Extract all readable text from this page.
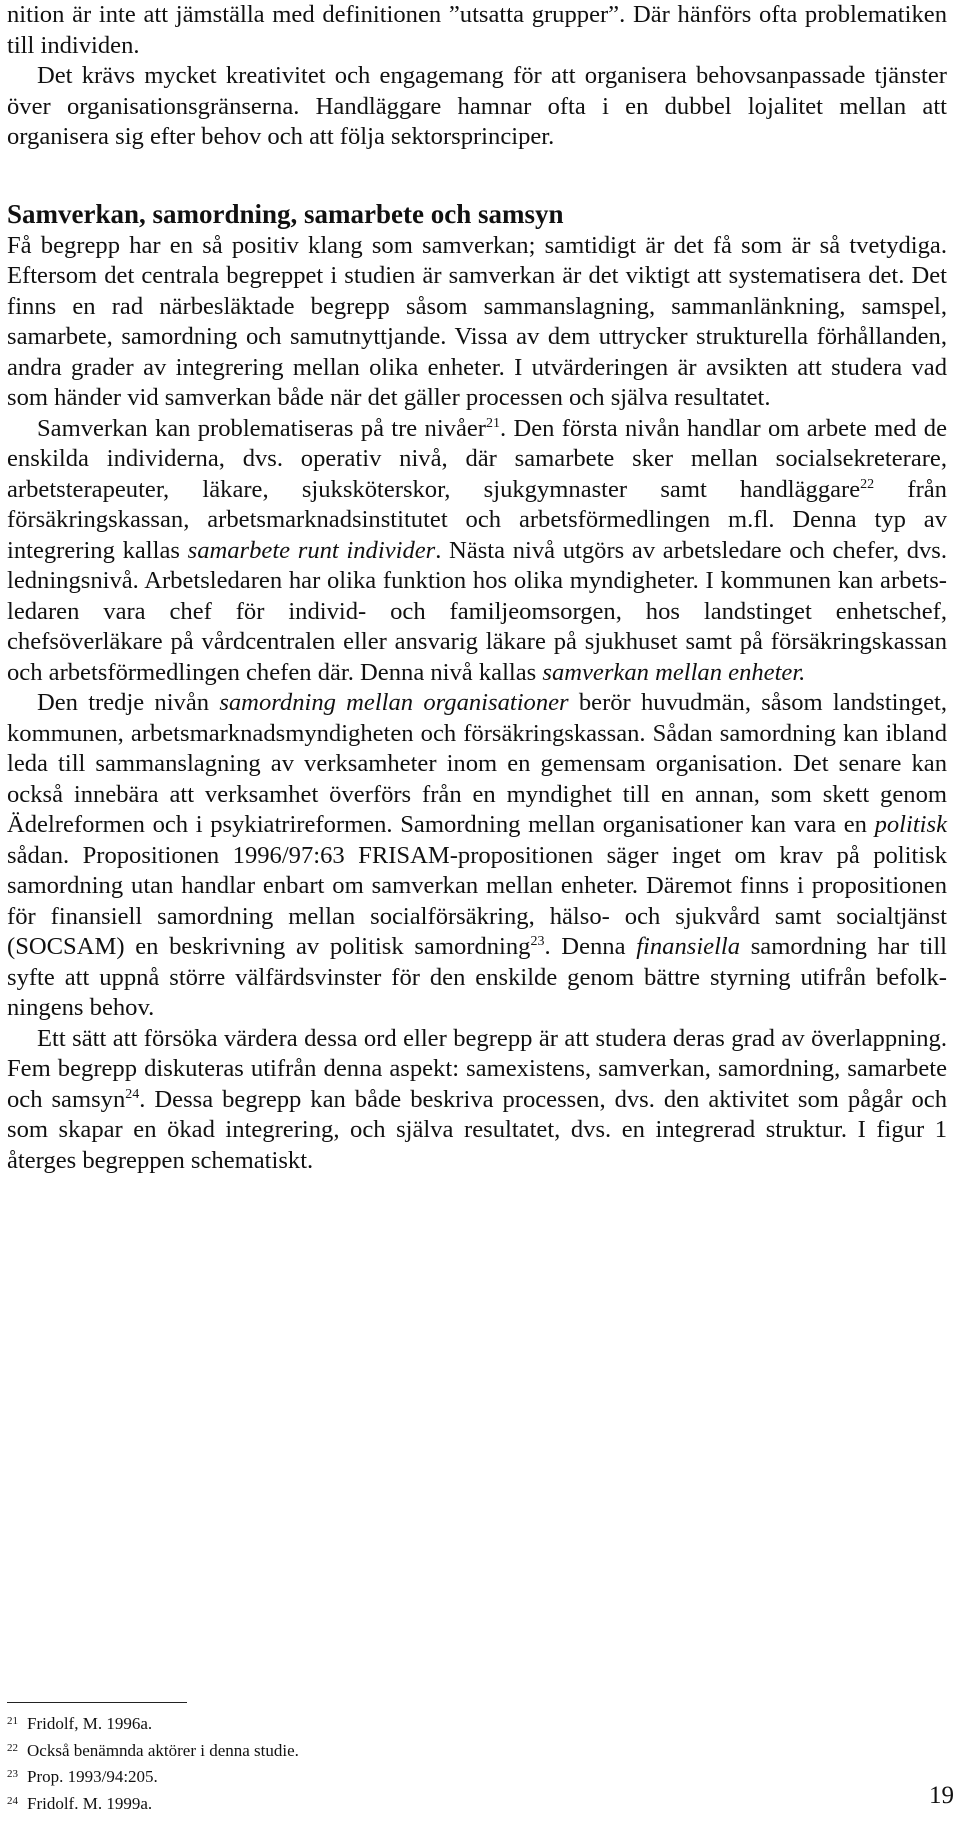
nition är inte att jämställa med definitionen ”utsatta grupper”. Där hänförs ofta problematiken till individen.

Det krävs mycket kreativitet och engagemang för att organisera behovsanpassade tjänster över organisationsgränserna. Handläggare hamnar ofta i en dubbel lojalitet mellan att organisera sig efter behov och att följa sektorsprinciper.

Samverkan, samordning, samarbete och samsyn

Få begrepp har en så positiv klang som samverkan; samtidigt är det få som är så tvetydiga. Eftersom det centrala begreppet i studien är samverkan är det viktigt att systematisera det. Det finns en rad närbesläktade begrepp såsom sammanslagning, sammanlänkning, samspel, samarbete, samordning och samutnyttjande. Vissa av dem uttrycker strukturella förhållanden, andra grader av integrering mellan olika enheter. I utvärderingen är avsikten att studera vad som händer vid samverkan både när det gäller processen och själva resultatet.

Samverkan kan problematiseras på tre nivåer$^{21}$. Den första nivån handlar om arbete med de enskilda individerna, dvs. operativ nivå, där samarbete sker mellan socialsekreterare, arbetsterapeuter, läkare, sjuksköterskor, sjukgymnaster samt handläggare$^{22}$ från försäkringskassan, arbetsmarknadsinstitutet och arbetsförmedlingen m.fl. Denna typ av integrering kallas samarbete runt individer. Nästa nivå utgörs av arbetsledare och chefer, dvs. ledningsnivå. Arbetsledaren har olika funktion hos olika myndigheter. I kommunen kan arbetsledaren vara chef för individ- och familjeomsorgen, hos landstinget enhetschef, chefsöverläkare på vårdcentralen eller ansvarig läkare på sjukhuset samt på försäkringskassan och arbetsförmedlingen chefen där. Denna nivå kallas samverkan mellan enheter.

Den tredje nivån samordning mellan organisationer berör huvudmän, såsom landstinget, kommunen, arbetsmarknadsmyndigheten och försäkringskassan. Sådan samordning kan ibland leda till sammanslagning av verksamheter inom en gemensam organisation. Det senare kan också innebära att verksamhet överförs från en myndighet till en annan, som skett genom Ädelreformen och i psykiatrireformen. Samordning mellan organisationer kan vara en politisk sådan. Propositionen 1996/97:63 FRISAM-propositionen säger inget om krav på politisk samordning utan handlar enbart om samverkan mellan enheter. Däremot finns i propositionen för finansiell samordning mellan socialförsäkring, hälso- och sjukvård samt socialtjänst (SOCSAM) en beskrivning av politisk samordning$^{23}$. Denna finansiella samordning har till syfte att uppnå större välfärdsvinster för den enskilde genom bättre styrning utifrån befolkningens behov.

Ett sätt att försöka värdera dessa ord eller begrepp är att studera deras grad av överlappning. Fem begrepp diskuteras utifrån denna aspekt: samexistens, samverkan, samordning, samarbete och samsyn$^{24}$. Dessa begrepp kan både beskriva processen, dvs. den aktivitet som pågår och som skapar en ökad integrering, och själva resultatet, dvs. en integrerad struktur. I figur 1 återges begreppen schematiskt.

21 Fridolf, M. 1996a.
22 Också benämnda aktörer i denna studie.
23 Prop. 1993/94:205.
24 Fridolf. M. 1999a.	19
